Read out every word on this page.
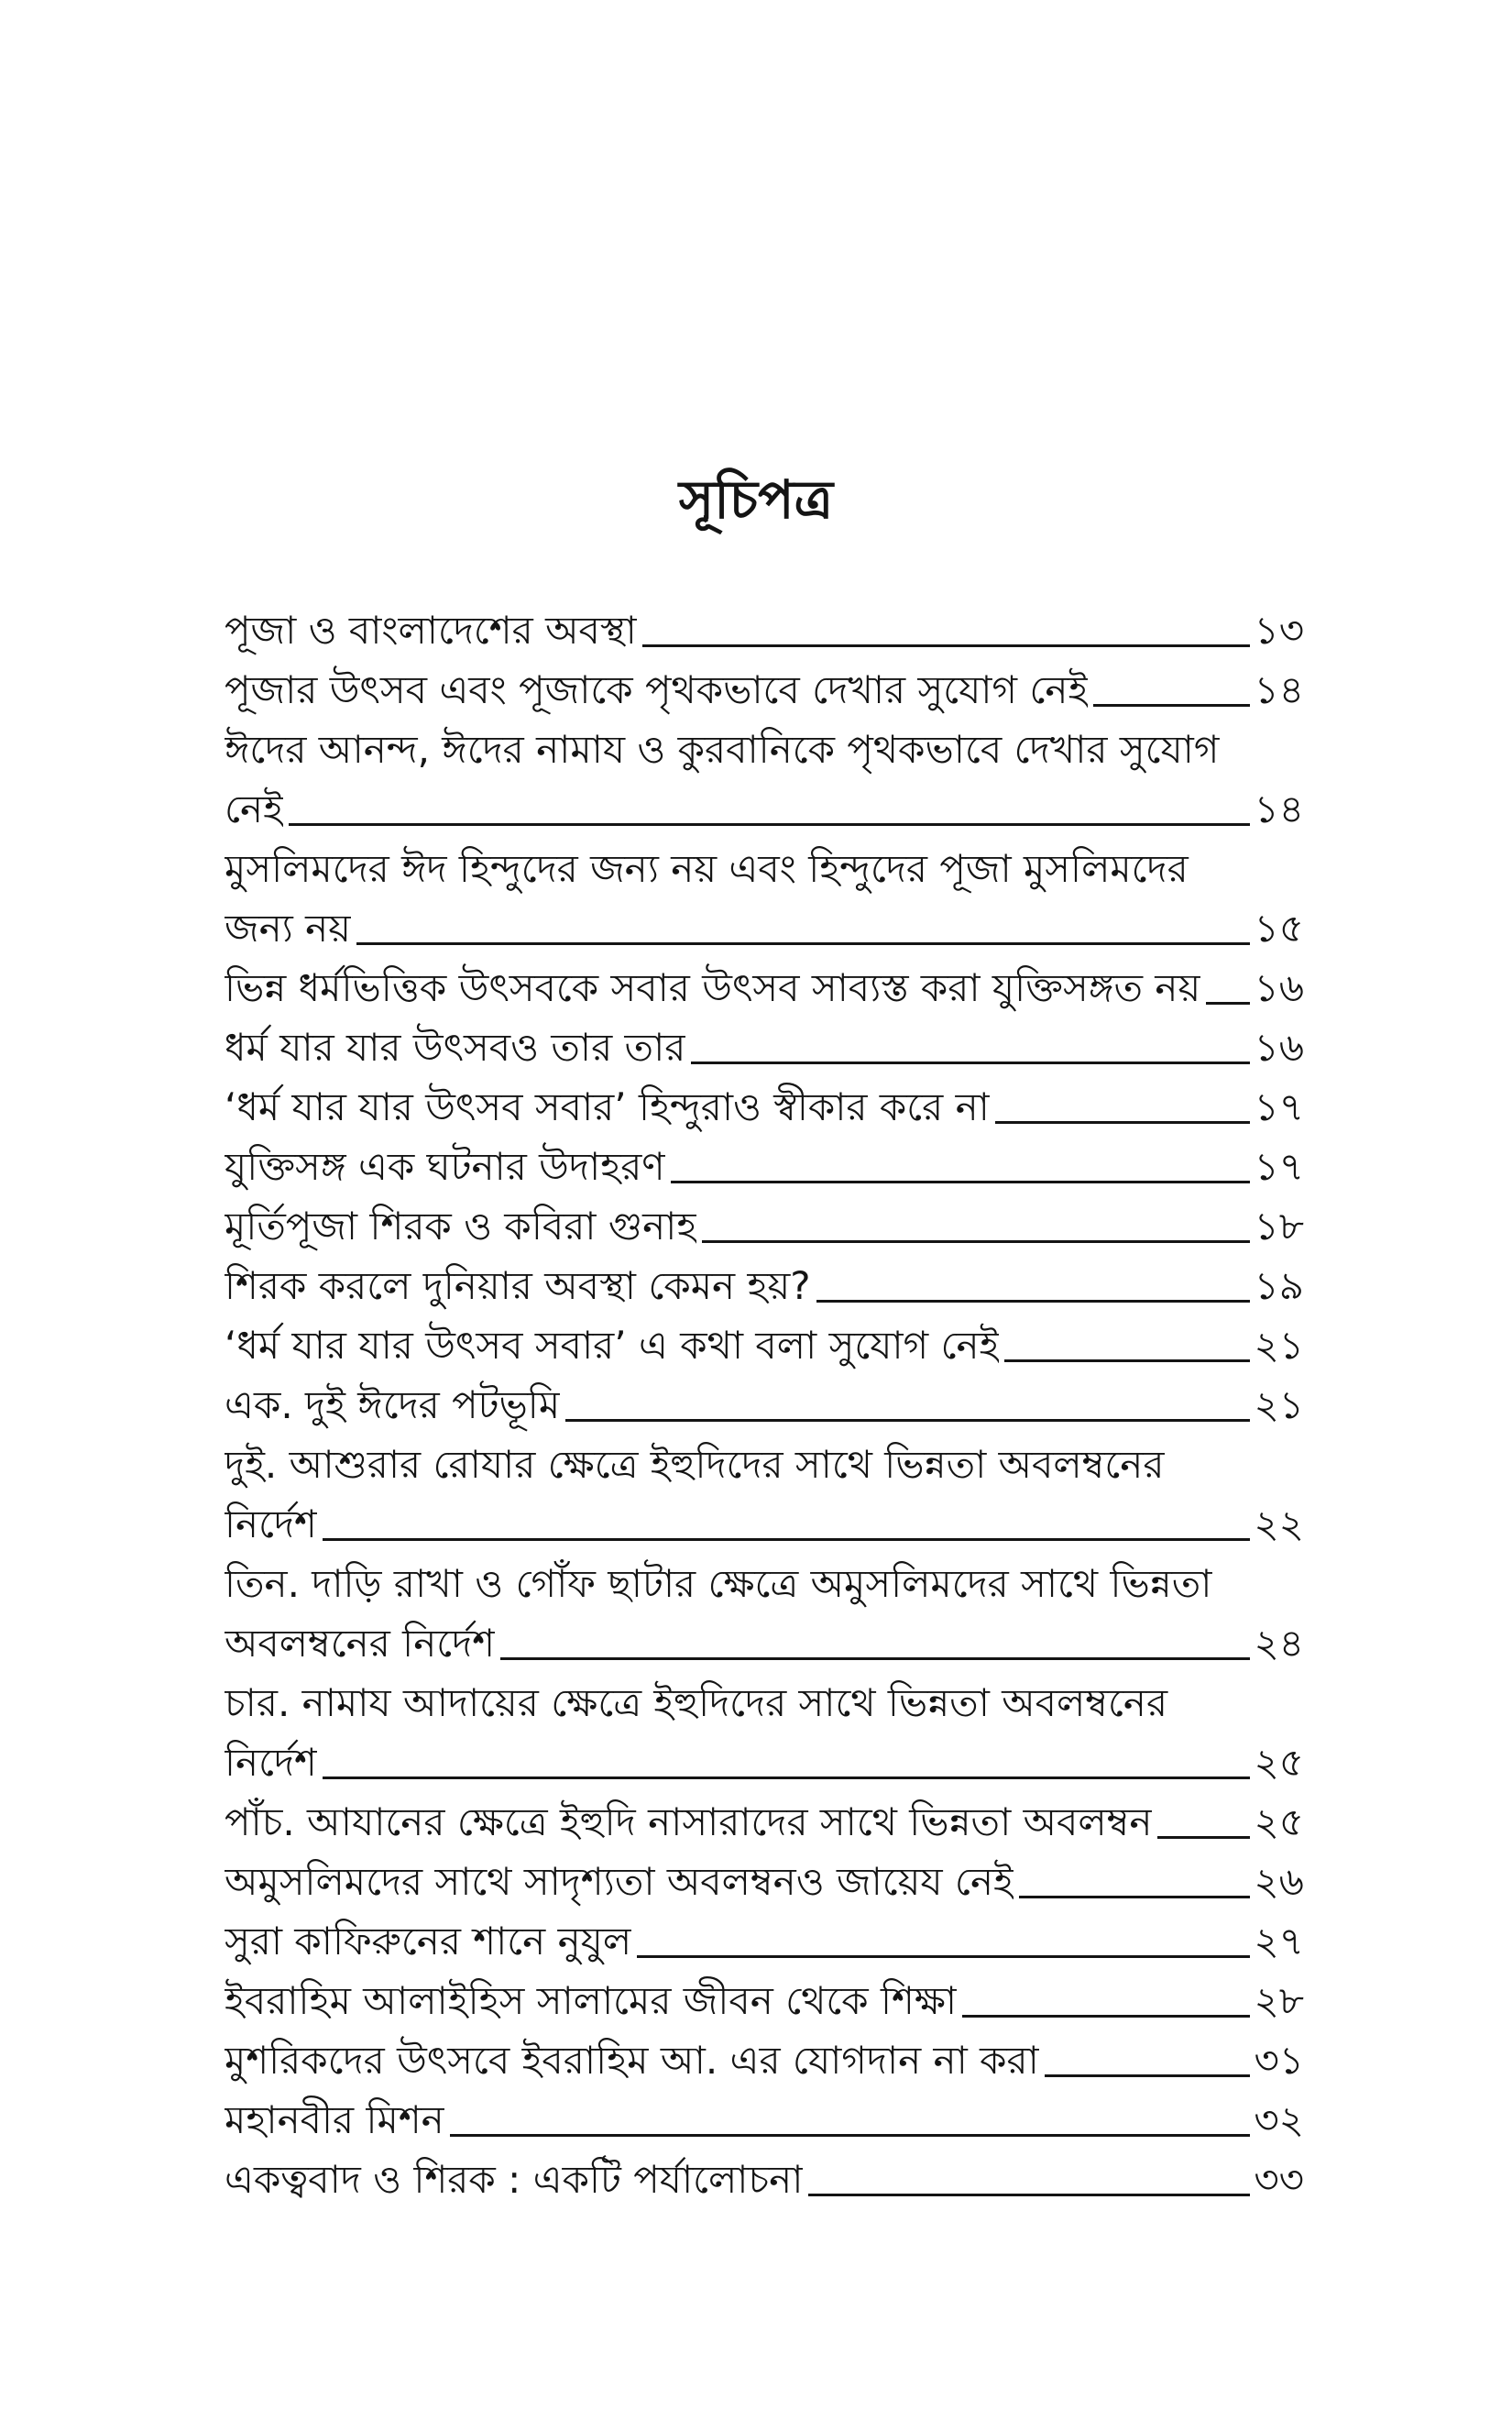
সূচিপত্র
পূজা ও বাংলাদেশের অবস্থা	১৩
পূজার উৎসব এবং পূজাকে পৃথকভাবে দেখার সুযোগ নেই	১৪
ঈদের আনন্দ, ঈদের নামায ও কুরবানিকে পৃথকভাবে দেখার সুযোগ
নেই	১৪
মুসলিমদের ঈদ হিন্দুদের জন্য নয় এবং হিন্দুদের পূজা মুসলিমদের
জন্য নয়	১৫
ভিন্ন ধর্মভিত্তিক উৎসবকে সবার উৎসব সাব্যস্ত করা যুক্তিসঙ্গত নয় ১৬
ধর্ম যার যার উৎসবও তার তার	১৬
‘ধর্ম যার যার উৎসব সবার’ হিন্দুরাও স্বীকার করে না	১৭
যুক্তিসঙ্গ এক ঘটনার উদাহরণ	১৭
মূর্তিপূজা শিরক ও কবিরা গুনাহ	১৮
শিরক করলে দুনিয়ার অবস্থা কেমন হয়?	১৯
‘ধর্ম যার যার উৎসব সবার’ এ কথা বলা সুযোগ নেই	২১
এক. দুই ঈদের পটভূমি	২১
দুই. আশুরার রোযার ক্ষেত্রে ইহুদিদের সাথে ভিন্নতা অবলম্বনের
নির্দেশ	২২
তিন. দাড়ি রাখা ও গোঁফ ছাটার ক্ষেত্রে অমুসলিমদের সাথে ভিন্নতা
অবলম্বনের নির্দেশ	২৪
চার. নামায আদায়ের ক্ষেত্রে ইহুদিদের সাথে ভিন্নতা অবলম্বনের
নির্দেশ	২৫
পাঁচ. আযানের ক্ষেত্রে ইহুদি নাসারাদের সাথে ভিন্নতা অবলম্বন	২৫
অমুসলিমদের সাথে সাদৃশ্যতা অবলম্বনও জায়েয নেই	২৬
সুরা কাফিরুনের শানে নুযুল	২৭
ইবরাহিম আলাইহিস সালামের জীবন থেকে শিক্ষা	২৮
মুশরিকদের উৎসবে ইবরাহিম আ. এর যোগদান না করা	৩১
মহানবীর মিশন	৩২
একত্ববাদ ও শিরক : একটি পর্যালোচনা	৩৩
